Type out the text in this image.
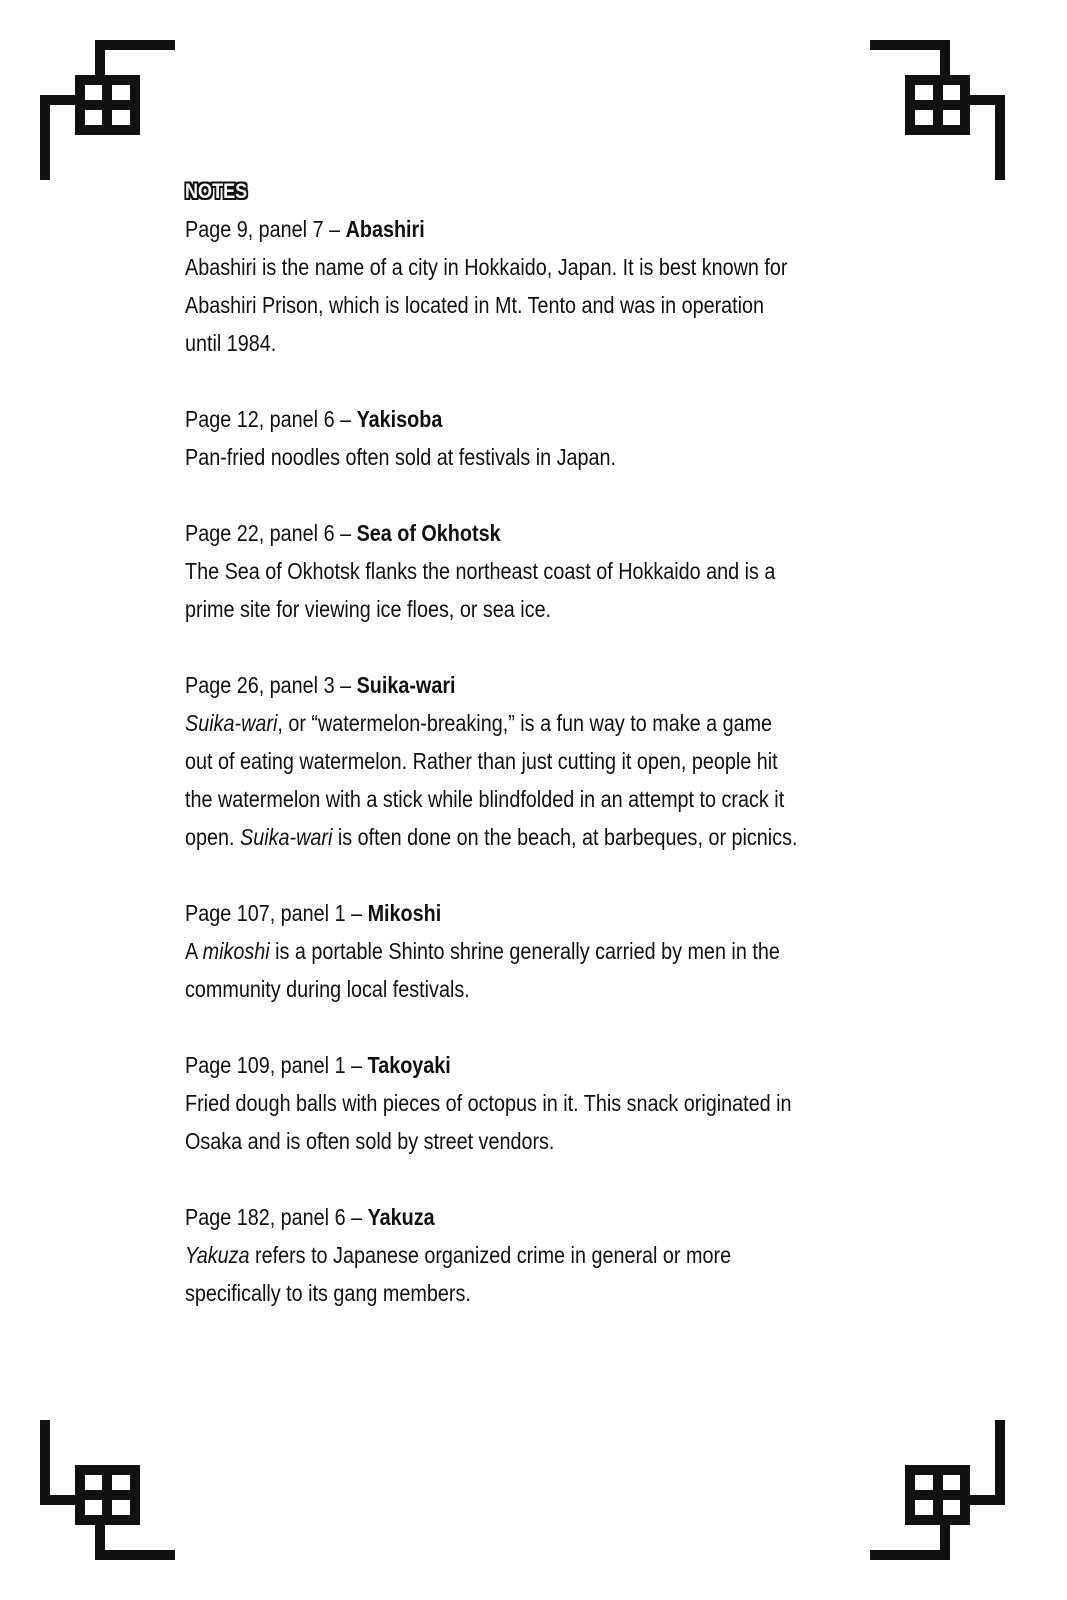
NOTES
Page 9, panel 7 – Abashiri
Abashiri is the name of a city in Hokkaido, Japan. It is best known for
Abashiri Prison, which is located in Mt. Tento and was in operation
until 1984.
Page 12, panel 6 – Yakisoba
Pan-fried noodles often sold at festivals in Japan.
Page 22, panel 6 – Sea of Okhotsk
The Sea of Okhotsk flanks the northeast coast of Hokkaido and is a
prime site for viewing ice floes, or sea ice.
Page 26, panel 3 – Suika-wari
Suika-wari, or “watermelon-breaking,” is a fun way to make a game
out of eating watermelon. Rather than just cutting it open, people hit
the watermelon with a stick while blindfolded in an attempt to crack it
open. Suika-wari is often done on the beach, at barbeques, or picnics.
Page 107, panel 1 – Mikoshi
A mikoshi is a portable Shinto shrine generally carried by men in the
community during local festivals.
Page 109, panel 1 – Takoyaki
Fried dough balls with pieces of octopus in it. This snack originated in
Osaka and is often sold by street vendors.
Page 182, panel 6 – Yakuza
Yakuza refers to Japanese organized crime in general or more
specifically to its gang members.
